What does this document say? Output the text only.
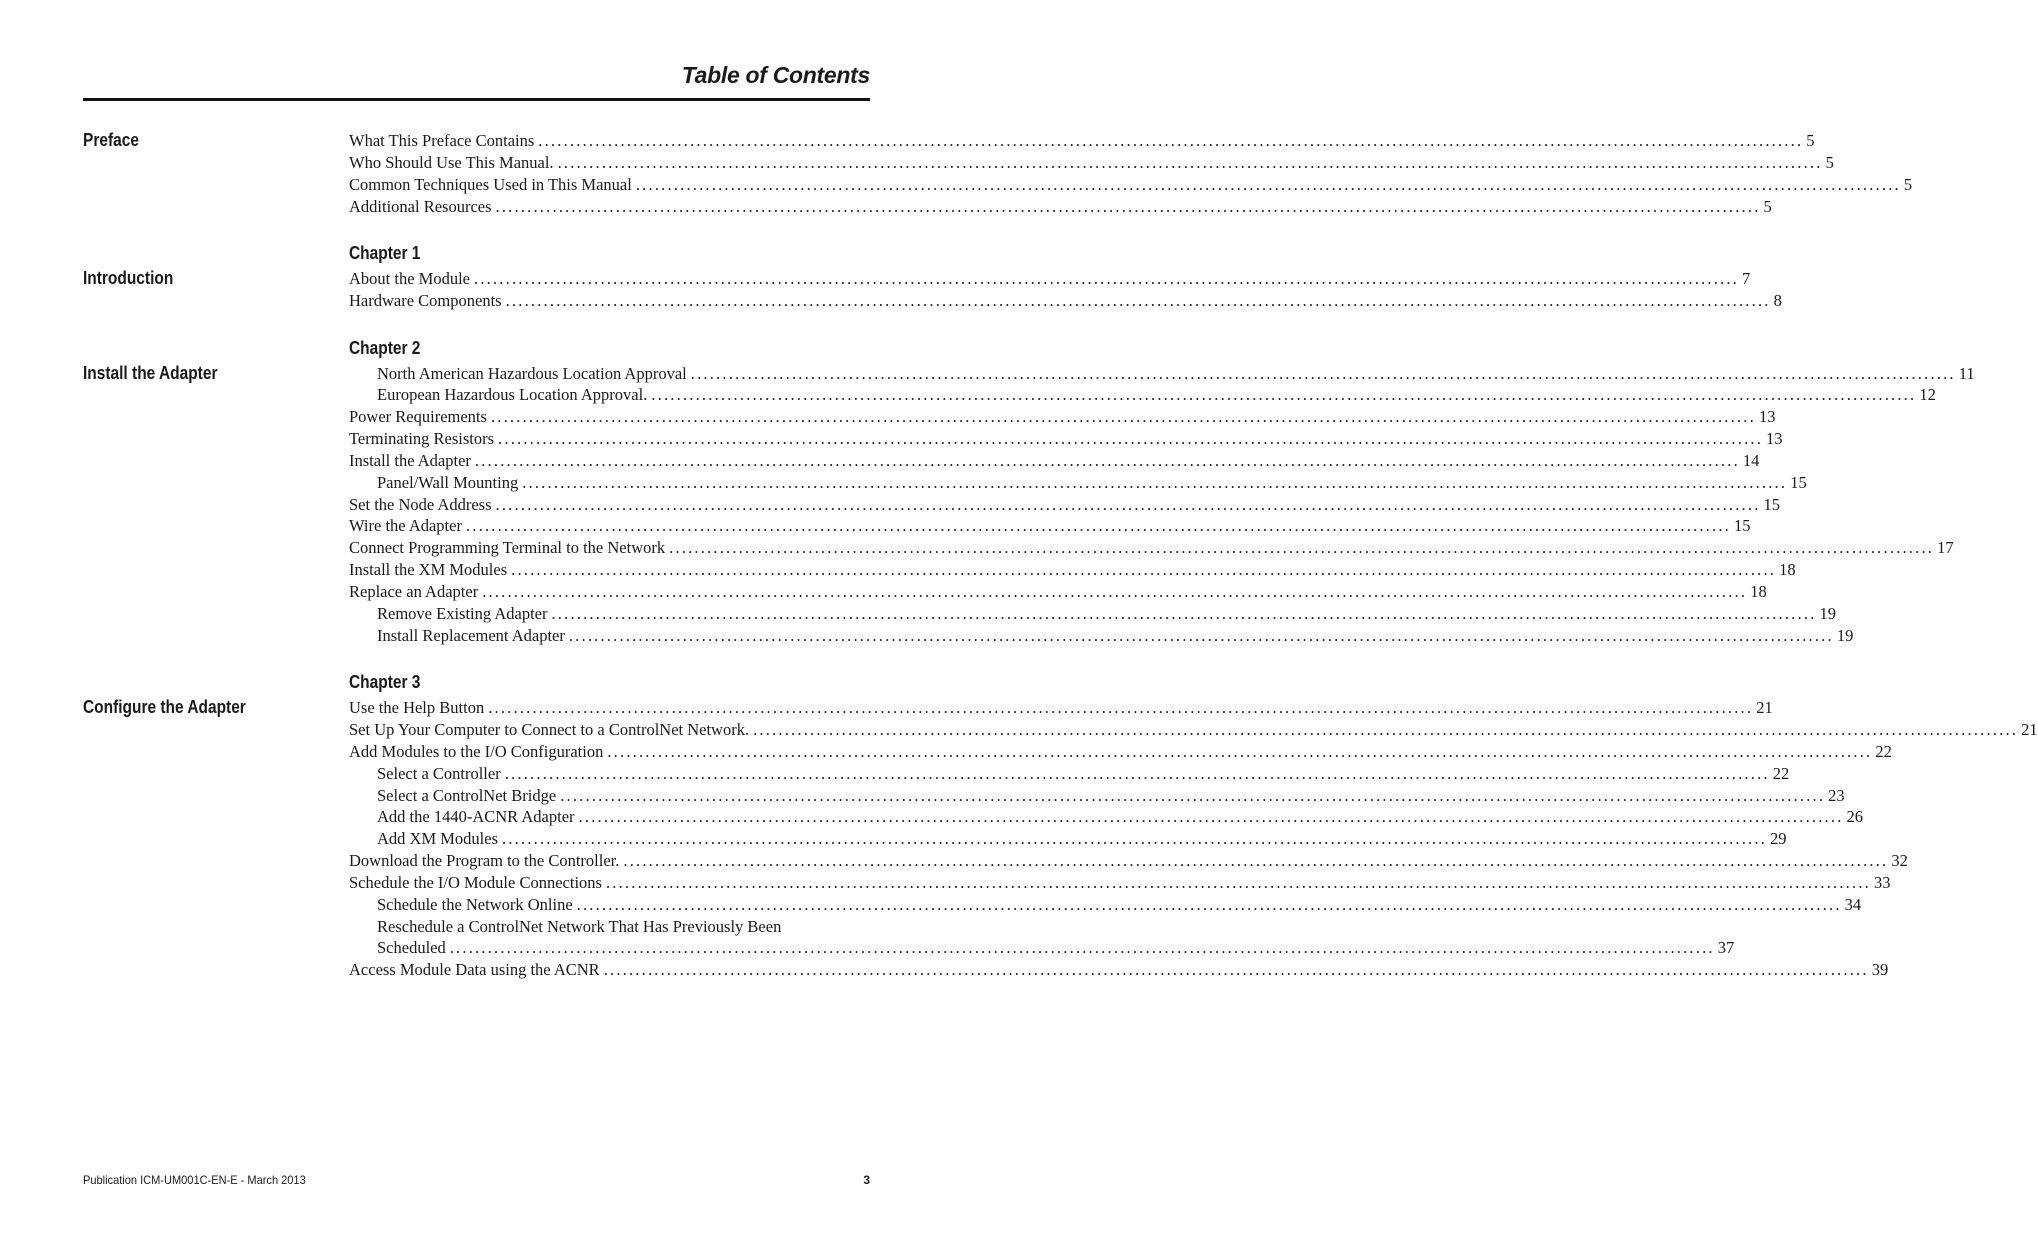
Table of Contents
Preface
Introduction
Install the Adapter
Configure the Adapter
Chapter 1
Chapter 2
Chapter 3
What This Preface Contains ........................................................................................................................................................................................................ 5
Who Should Use This Manual. ........................................................................................................................................................................................................ 5
Common Techniques Used in This Manual ........................................................................................................................................................................................................ 5
Additional Resources ........................................................................................................................................................................................................ 5
About the Module ........................................................................................................................................................................................................ 7
Hardware Components ........................................................................................................................................................................................................ 8
North American Hazardous Location Approval ........................................................................................................................................................................................................ 11
European Hazardous Location Approval. ........................................................................................................................................................................................................ 12
Power Requirements ........................................................................................................................................................................................................ 13
Terminating Resistors ........................................................................................................................................................................................................ 13
Install the Adapter ........................................................................................................................................................................................................ 14
Panel/Wall Mounting ........................................................................................................................................................................................................ 15
Set the Node Address ........................................................................................................................................................................................................ 15
Wire the Adapter ........................................................................................................................................................................................................ 15
Connect Programming Terminal to the Network ........................................................................................................................................................................................................ 17
Install the XM Modules ........................................................................................................................................................................................................ 18
Replace an Adapter ........................................................................................................................................................................................................ 18
Remove Existing Adapter ........................................................................................................................................................................................................ 19
Install Replacement Adapter ........................................................................................................................................................................................................ 19
Use the Help Button ........................................................................................................................................................................................................ 21
Set Up Your Computer to Connect to a ControlNet Network. ........................................................................................................................................................................................................ 21
Add Modules to the I/O Configuration ........................................................................................................................................................................................................ 22
Select a Controller ........................................................................................................................................................................................................ 22
Select a ControlNet Bridge ........................................................................................................................................................................................................ 23
Add the 1440-ACNR Adapter ........................................................................................................................................................................................................ 26
Add XM Modules ........................................................................................................................................................................................................ 29
Download the Program to the Controller. ........................................................................................................................................................................................................ 32
Schedule the I/O Module Connections ........................................................................................................................................................................................................ 33
Schedule the Network Online ........................................................................................................................................................................................................ 34
Reschedule a ControlNet Network That Has Previously Been
Scheduled ........................................................................................................................................................................................................ 37
Access Module Data using the ACNR ........................................................................................................................................................................................................ 39
Publication ICM-UM001C-EN-E - March 2013	3
